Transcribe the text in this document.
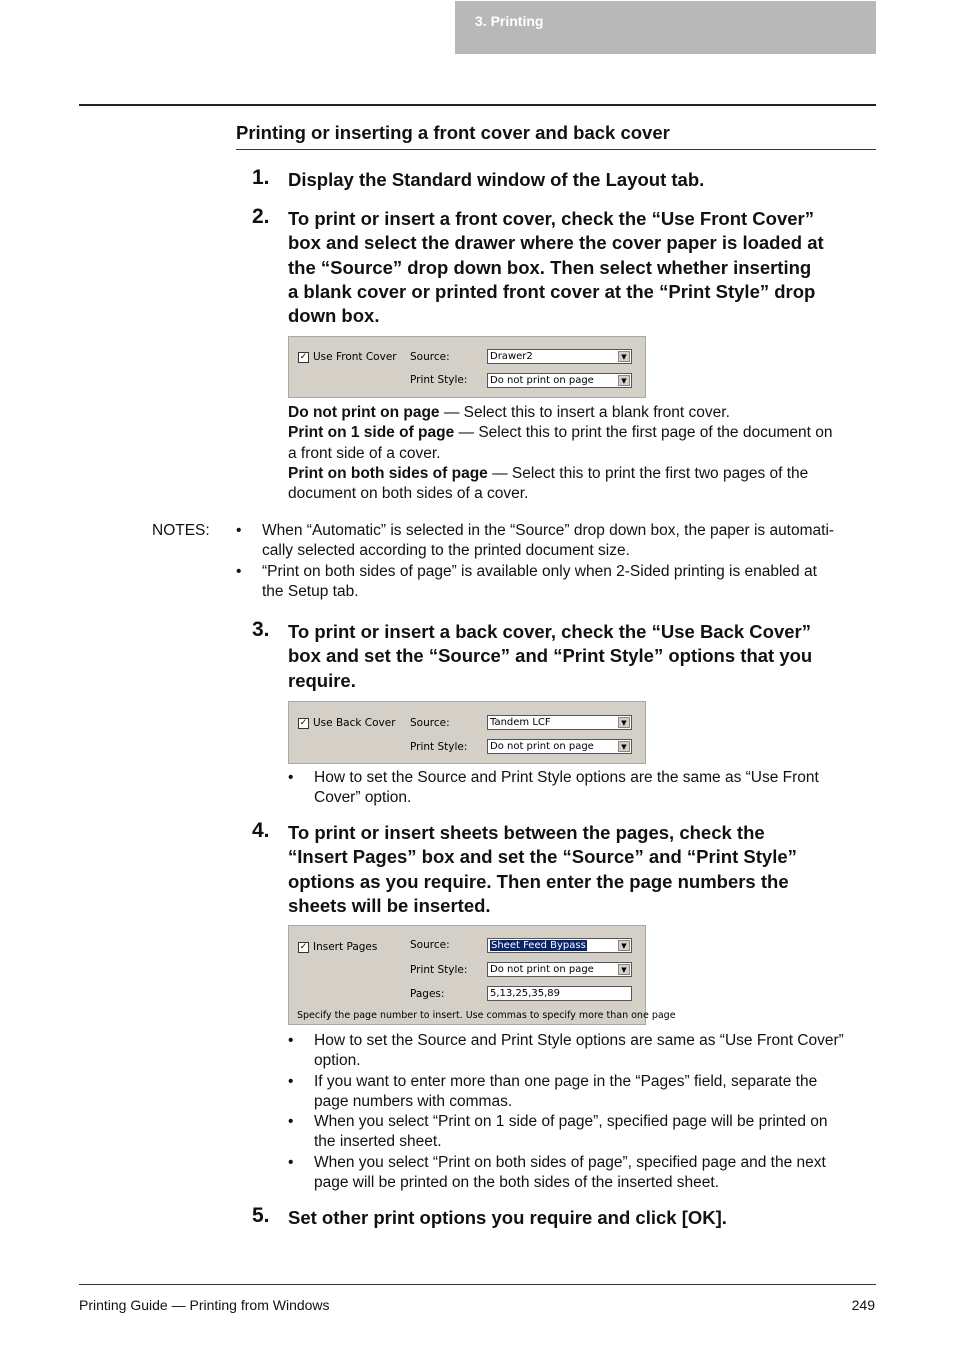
3. Printing
Printing or inserting a front cover and back cover
1. Display the Standard window of the Layout tab.
2. To print or insert a front cover, check the “Use Front Cover”
box and select the drawer where the cover paper is loaded at
the “Source” drop down box. Then select whether inserting
a blank cover or printed front cover at the “Print Style” drop
down box.
✓ Use Front Cover Source:	Drawer2	▼
Print Style: Do not print on page	▼
Do not print on page — Select this to insert a blank front cover.
Print on 1 side of page — Select this to print the first page of the document on
a front side of a cover.
Print on both sides of page — Select this to print the first two pages of the
document on both sides of a cover.
NOTES: • When “Automatic” is selected in the “Source” drop down box, the paper is automati-
cally selected according to the printed document size.
• “Print on both sides of page” is available only when 2-Sided printing is enabled at
the Setup tab.
3. To print or insert a back cover, check the “Use Back Cover”
box and set the “Source” and “Print Style” options that you
require.
✓ Use Back Cover Source:	Tandem LCF	▼
Print Style: Do not print on page	▼
• How to set the Source and Print Style options are the same as “Use Front
Cover” option.
4. To print or insert sheets between the pages, check the
“Insert Pages” box and set the “Source” and “Print Style”
options as you require. Then enter the page numbers the
sheets will be inserted.
✓ Insert Pages	Source:	Sheet Feed Bypass	▼
Print Style: Do not print on page	▼
Pages:	5,13,25,35,89
Specify the page number to insert. Use commas to specify more than one page
• How to set the Source and Print Style options are same as “Use Front Cover”
option.
• If you want to enter more than one page in the “Pages” field, separate the
page numbers with commas.
• When you select “Print on 1 side of page”, specified page will be printed on
the inserted sheet.
• When you select “Print on both sides of page”, specified page and the next
page will be printed on the both sides of the inserted sheet.
5. Set other print options you require and click [OK].
Printing Guide — Printing from Windows	249
